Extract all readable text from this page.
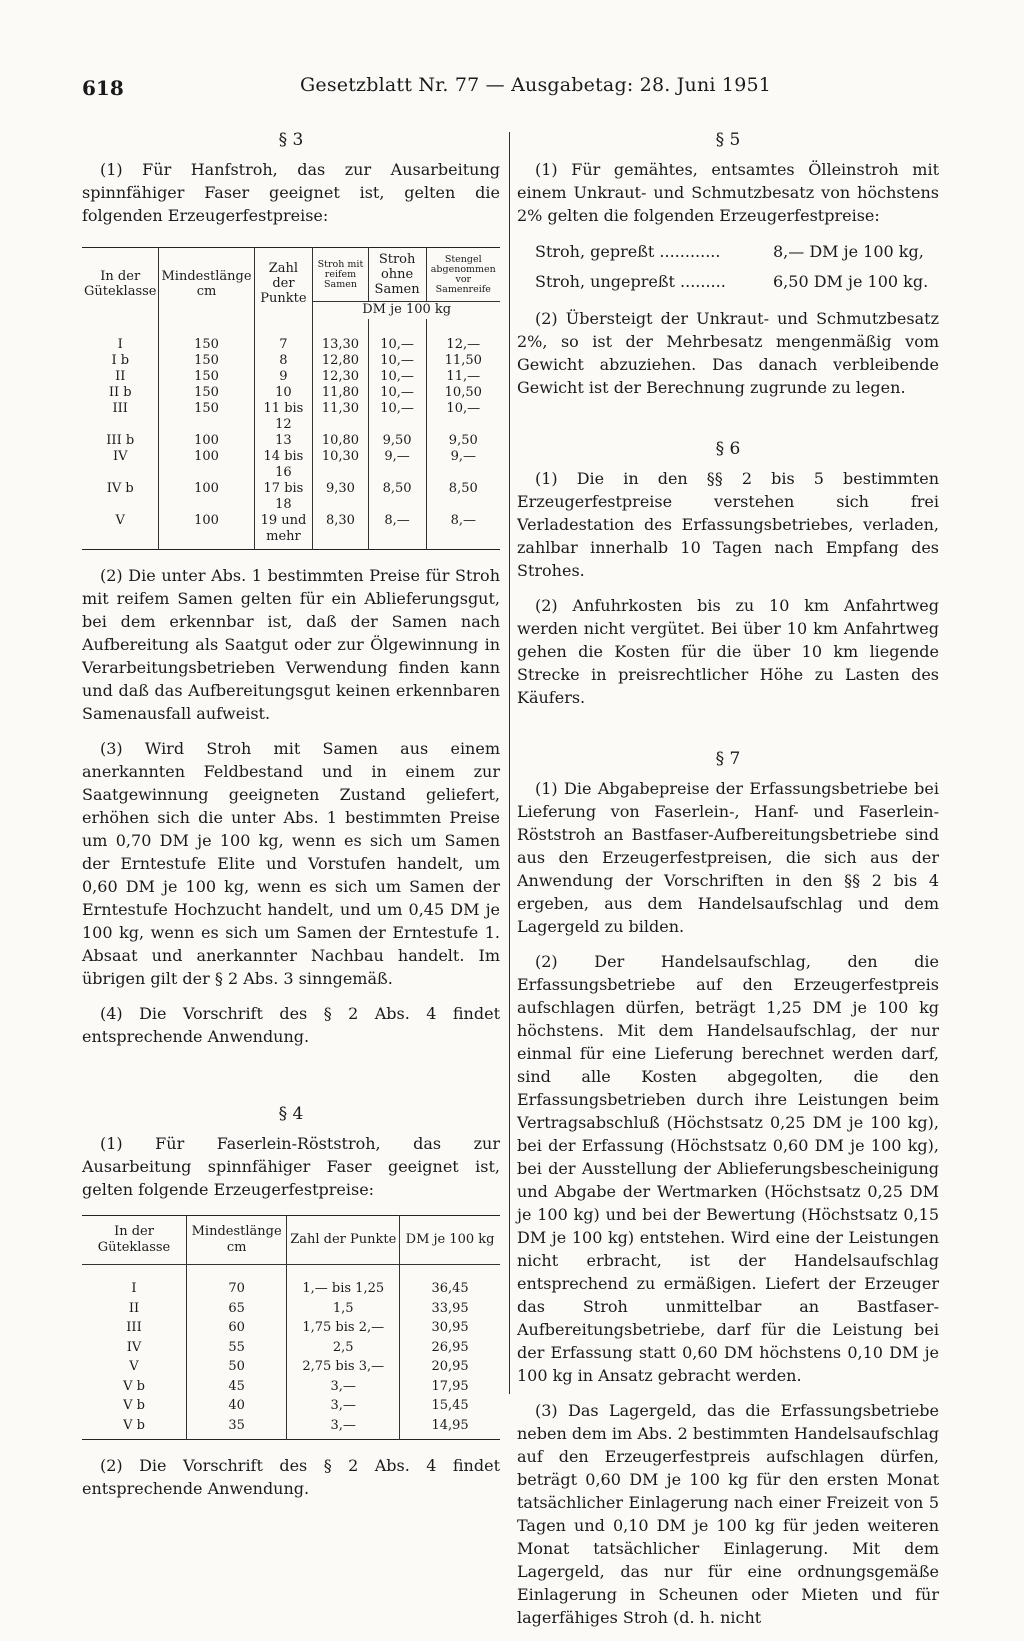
618	Gesetzblatt Nr. 77 — Ausgabetag: 28. Juni 1951
§ 3

(1) Für Hanfstroh, das zur Ausarbeitung spinnfähiger Faser geeignet ist, gelten die folgenden Erzeugerfestpreise:

In der Güteklasse	Mindestlänge cm	Zahl der Punkte	Stroh mit reifem Samen	Stroh ohne Samen	Stengel abgenommen vor Samenreife
			DM je 100 kg		
I	150	7	13,30	10,—	12,—
I b	150	8	12,80	10,—	11,50
II	150	9	12,30	10,—	11,—
II b	150	10	11,80	10,—	10,50
III	150	11 bis 12	11,30	10,—	10,—
III b	100	13	10,80	9,50	9,50
IV	100	14 bis 16	10,30	9,—	9,—
IV b	100	17 bis 18	9,30	8,50	8,50
V	100	19 und mehr	8,30	8,—	8,—

(2) Die unter Abs. 1 bestimmten Preise für Stroh mit reifem Samen gelten für ein Ablieferungsgut, bei dem erkennbar ist, daß der Samen nach Aufbereitung als Saatgut oder zur Ölgewinnung in Verarbeitungsbetrieben Verwendung finden kann und daß das Aufbereitungsgut keinen erkennbaren Samenausfall aufweist.

(3) Wird Stroh mit Samen aus einem anerkannten Feldbestand und in einem zur Saatgewinnung geeigneten Zustand geliefert, erhöhen sich die unter Abs. 1 bestimmten Preise um 0,70 DM je 100 kg, wenn es sich um Samen der Erntestufe Elite und Vorstufen handelt, um 0,60 DM je 100 kg, wenn es sich um Samen der Erntestufe Hochzucht handelt, und um 0,45 DM je 100 kg, wenn es sich um Samen der Erntestufe 1. Absaat und anerkannter Nachbau handelt. Im übrigen gilt der § 2 Abs. 3 sinngemäß.

(4) Die Vorschrift des § 2 Abs. 4 findet entsprechende Anwendung.

§ 4

(1) Für Faserlein-Röststroh, das zur Ausarbeitung spinnfähiger Faser geeignet ist, gelten folgende Erzeugerfestpreise:

In der Güteklasse	Mindestlänge cm	Zahl der Punkte	DM je 100 kg
I	70	1,— bis 1,25	36,45
II	65	1,5	33,95
III	60	1,75 bis 2,—	30,95
IV	55	2,5	26,95
V	50	2,75 bis 3,—	20,95
V b	45	3,—	17,95
V b	40	3,—	15,45
V b	35	3,—	14,95

(2) Die Vorschrift des § 2 Abs. 4 findet entsprechende Anwendung.

§ 5

(1) Für gemähtes, entsamtes Ölleinstroh mit einem Unkraut- und Schmutzbesatz von höchstens 2% gelten die folgenden Erzeugerfestpreise:

Stroh, gepreßt ............	8,— DM je 100 kg,
Stroh, ungepreßt .........	6,50 DM je 100 kg.

(2) Übersteigt der Unkraut- und Schmutzbesatz 2%, so ist der Mehrbesatz mengenmäßig vom Gewicht abzuziehen. Das danach verbleibende Gewicht ist der Berechnung zugrunde zu legen.

§ 6

(1) Die in den §§ 2 bis 5 bestimmten Erzeugerfestpreise verstehen sich frei Verladestation des Erfassungsbetriebes, verladen, zahlbar innerhalb 10 Tagen nach Empfang des Strohes.

(2) Anfuhrkosten bis zu 10 km Anfahrtweg werden nicht vergütet. Bei über 10 km Anfahrtweg gehen die Kosten für die über 10 km liegende Strecke in preisrechtlicher Höhe zu Lasten des Käufers.

§ 7

(1) Die Abgabepreise der Erfassungsbetriebe bei Lieferung von Faserlein-, Hanf- und Faserlein-Röststroh an Bastfaser-Aufbereitungsbetriebe sind aus den Erzeugerfestpreisen, die sich aus der Anwendung der Vorschriften in den §§ 2 bis 4 ergeben, aus dem Handelsaufschlag und dem Lagergeld zu bilden.

(2) Der Handelsaufschlag, den die Erfassungsbetriebe auf den Erzeugerfestpreis aufschlagen dürfen, beträgt 1,25 DM je 100 kg höchstens. Mit dem Handelsaufschlag, der nur einmal für eine Lieferung berechnet werden darf, sind alle Kosten abgegolten, die den Erfassungsbetrieben durch ihre Leistungen beim Vertragsabschluß (Höchstsatz 0,25 DM je 100 kg), bei der Erfassung (Höchstsatz 0,60 DM je 100 kg), bei der Ausstellung der Ablieferungsbescheinigung und Abgabe der Wertmarken (Höchstsatz 0,25 DM je 100 kg) und bei der Bewertung (Höchstsatz 0,15 DM je 100 kg) entstehen. Wird eine der Leistungen nicht erbracht, ist der Handelsaufschlag entsprechend zu ermäßigen. Liefert der Erzeuger das Stroh unmittelbar an Bastfaser-Aufbereitungsbetriebe, darf für die Leistung bei der Erfassung statt 0,60 DM höchstens 0,10 DM je 100 kg in Ansatz gebracht werden.

(3) Das Lagergeld, das die Erfassungsbetriebe neben dem im Abs. 2 bestimmten Handelsaufschlag auf den Erzeugerfestpreis aufschlagen dürfen, beträgt 0,60 DM je 100 kg für den ersten Monat tatsächlicher Einlagerung nach einer Freizeit von 5 Tagen und 0,10 DM je 100 kg für jeden weiteren Monat tatsächlicher Einlagerung. Mit dem Lagergeld, das nur für eine ordnungsgemäße Einlagerung in Scheunen oder Mieten und für lagerfähiges Stroh (d. h. nicht
